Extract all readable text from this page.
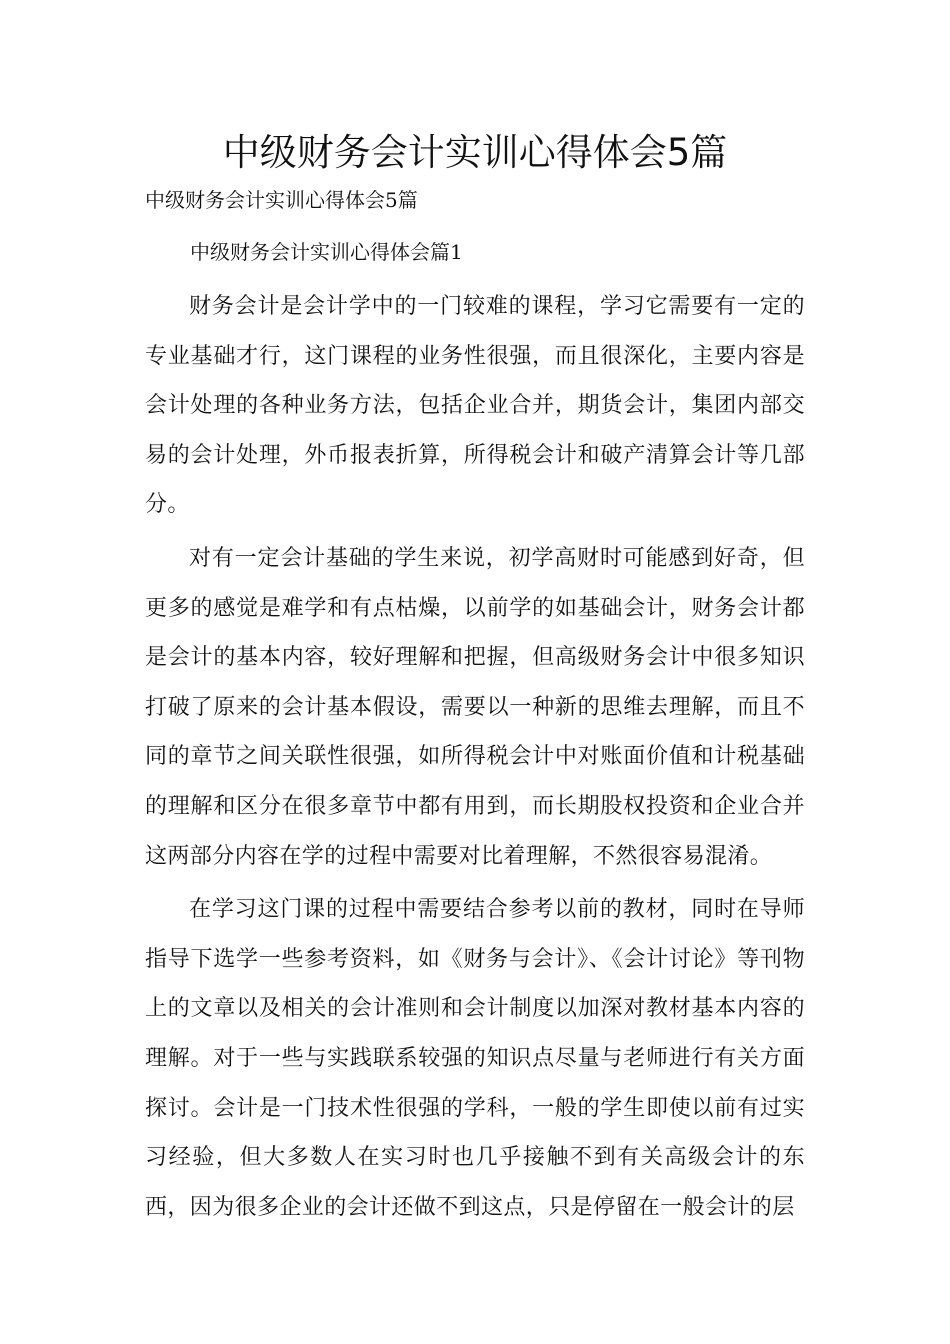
中级财务会计实训心得体会5篇

中级财务会计实训心得体会5篇

中级财务会计实训心得体会篇1

财务会计是会计学中的一门较难的课程，学习它需要有一定的专业基础才行，这门课程的业务性很强，而且很深化，主要内容是会计处理的各种业务方法，包括企业合并，期货会计，集团内部交易的会计处理，外币报表折算，所得税会计和破产清算会计等几部分。

对有一定会计基础的学生来说，初学高财时可能感到好奇，但更多的感觉是难学和有点枯燥，以前学的如基础会计，财务会计都是会计的基本内容，较好理解和把握，但高级财务会计中很多知识打破了原来的会计基本假设，需要以一种新的思维去理解，而且不同的章节之间关联性很强，如所得税会计中对账面价值和计税基础的理解和区分在很多章节中都有用到，而长期股权投资和企业合并这两部分内容在学的过程中需要对比着理解，不然很容易混淆。

在学习这门课的过程中需要结合参考以前的教材，同时在导师指导下选学一些参考资料，如《财务与会计》、《会计讨论》等刊物上的文章以及相关的会计准则和会计制度以加深对教材基本内容的理解。对于一些与实践联系较强的知识点尽量与老师进行有关方面探讨。会计是一门技术性很强的学科，一般的学生即使以前有过实习经验，但大多数人在实习时也几乎接触不到有关高级会计的东西，因为很多企业的会计还做不到这点，只是停留在一般会计的层
